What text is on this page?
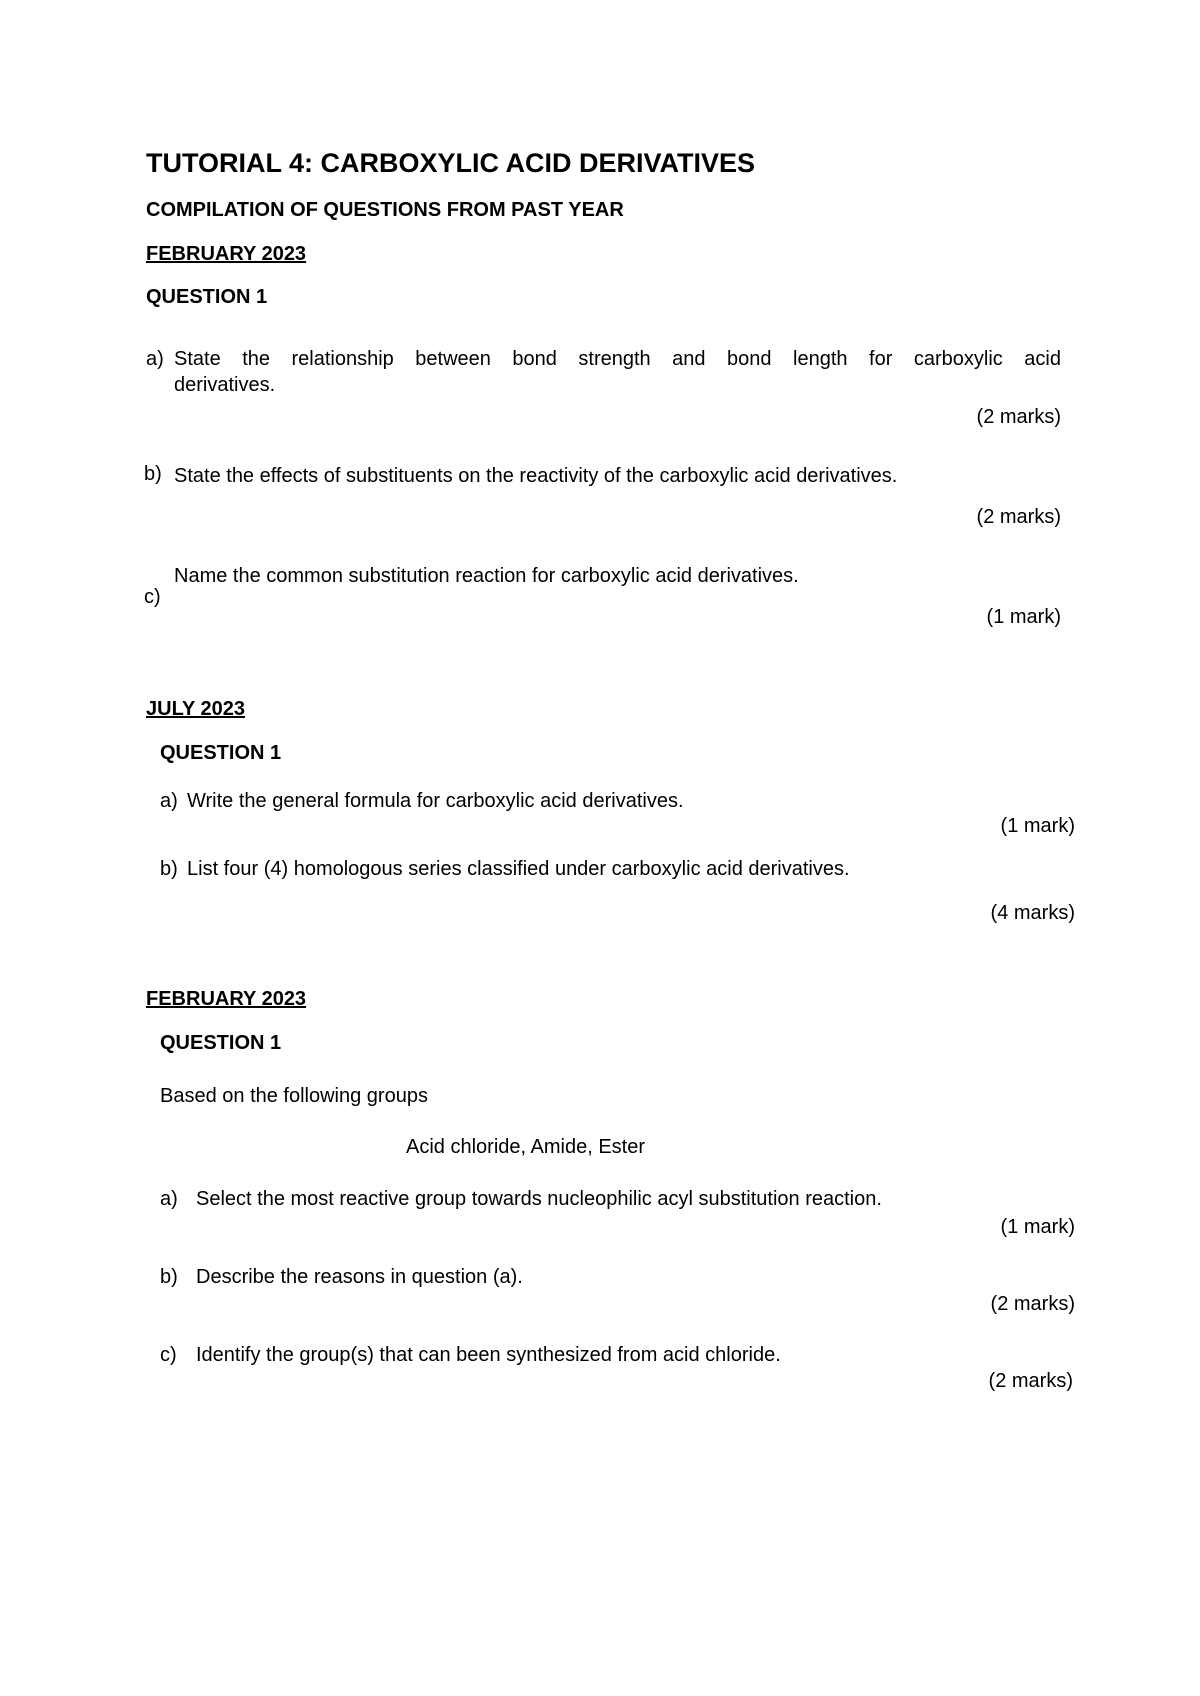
TUTORIAL 4: CARBOXYLIC ACID DERIVATIVES
COMPILATION OF QUESTIONS FROM PAST YEAR
FEBRUARY 2023
QUESTION 1
a) State the relationship between bond strength and bond length for carboxylic acid
derivatives.
(2 marks)
b) State the effects of substituents on the reactivity of the carboxylic acid derivatives.
(2 marks)
c)
Name the common substitution reaction for carboxylic acid derivatives.
(1 mark)
JULY 2023
QUESTION 1
a) Write the general formula for carboxylic acid derivatives.
(1 mark)
b) List four (4) homologous series classified under carboxylic acid derivatives.
(4 marks)
FEBRUARY 2023
QUESTION 1
Based on the following groups
Acid chloride, Amide, Ester
a) Select the most reactive group towards nucleophilic acyl substitution reaction.
(1 mark)
b) Describe the reasons in question (a).
(2 marks)
c) Identify the group(s) that can been synthesized from acid chloride.
(2 marks)
